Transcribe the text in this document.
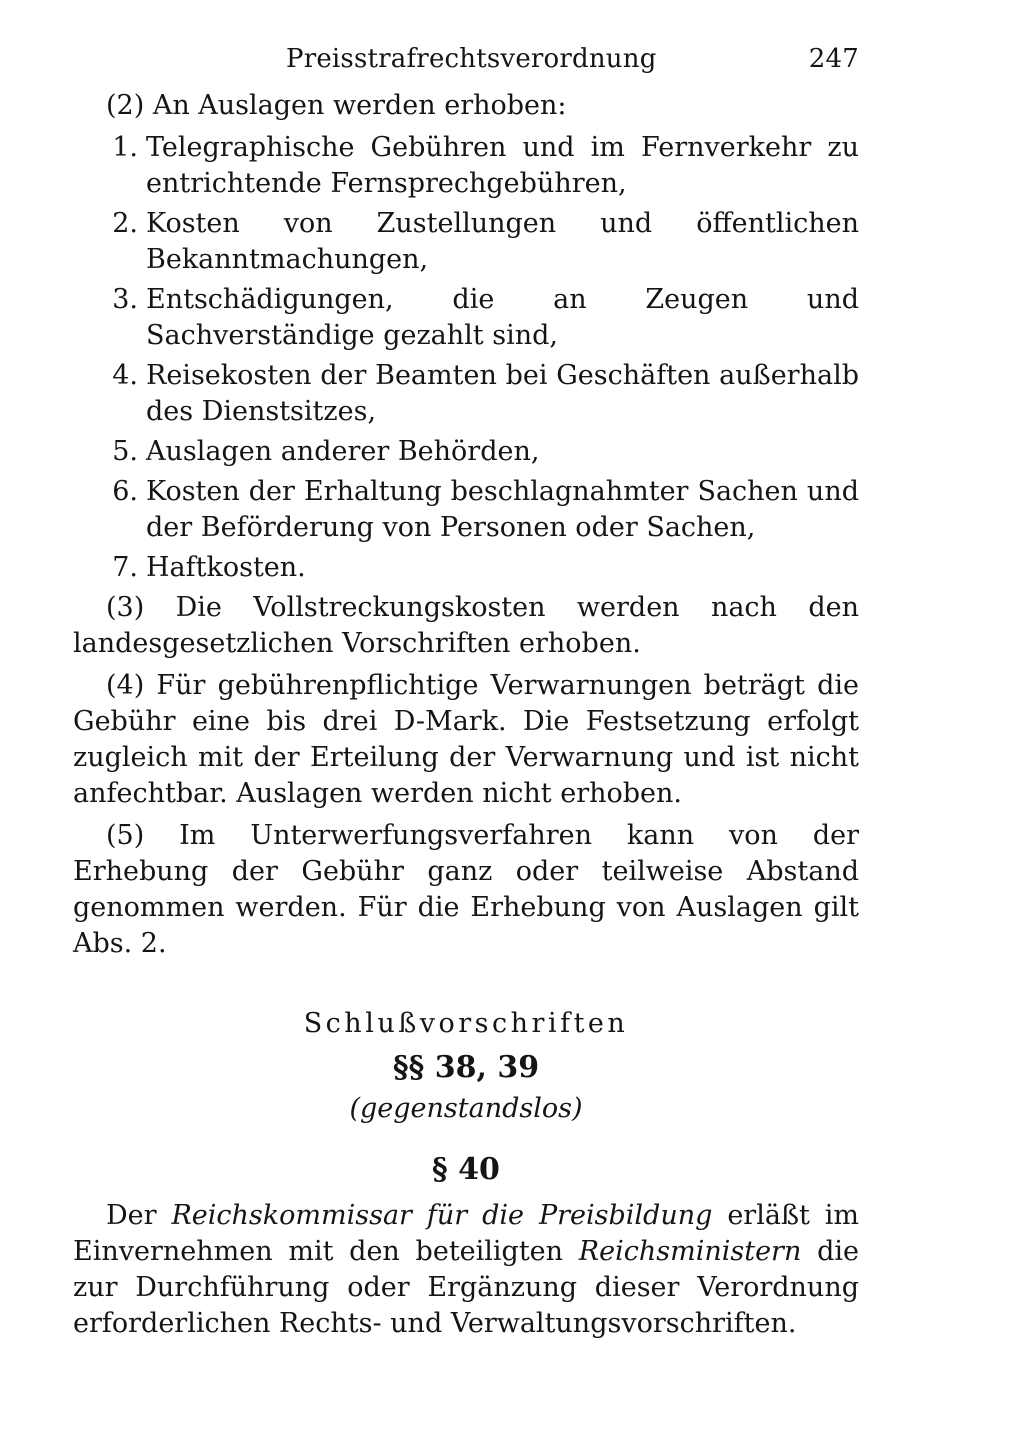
Preisstrafrechtsverordnung	247

(2) An Auslagen werden erhoben:

1. Telegraphische Gebühren und im Fernverkehr zu entrichtende Fernsprechgebühren,
2. Kosten von Zustellungen und öffentlichen Bekanntmachungen,
3. Entschädigungen, die an Zeugen und Sachverständige gezahlt sind,
4. Reisekosten der Beamten bei Geschäften außerhalb des Dienstsitzes,
5. Auslagen anderer Behörden,
6. Kosten der Erhaltung beschlagnahmter Sachen und der Beförderung von Personen oder Sachen,
7. Haftkosten.

(3) Die Vollstreckungskosten werden nach den landesgesetzlichen Vorschriften erhoben.

(4) Für gebührenpflichtige Verwarnungen beträgt die Gebühr eine bis drei D-Mark. Die Festsetzung erfolgt zugleich mit der Erteilung der Verwarnung und ist nicht anfechtbar. Auslagen werden nicht erhoben.

(5) Im Unterwerfungsverfahren kann von der Erhebung der Gebühr ganz oder teilweise Abstand genommen werden. Für die Erhebung von Auslagen gilt Abs. 2.

Schlußvorschriften
§§ 38, 39
(gegenstandslos)
§ 40

Der Reichskommissar für die Preisbildung erläßt im Einvernehmen mit den beteiligten Reichsministern die zur Durchführung oder Ergänzung dieser Verordnung erforderlichen Rechts- und Verwaltungsvorschriften.
